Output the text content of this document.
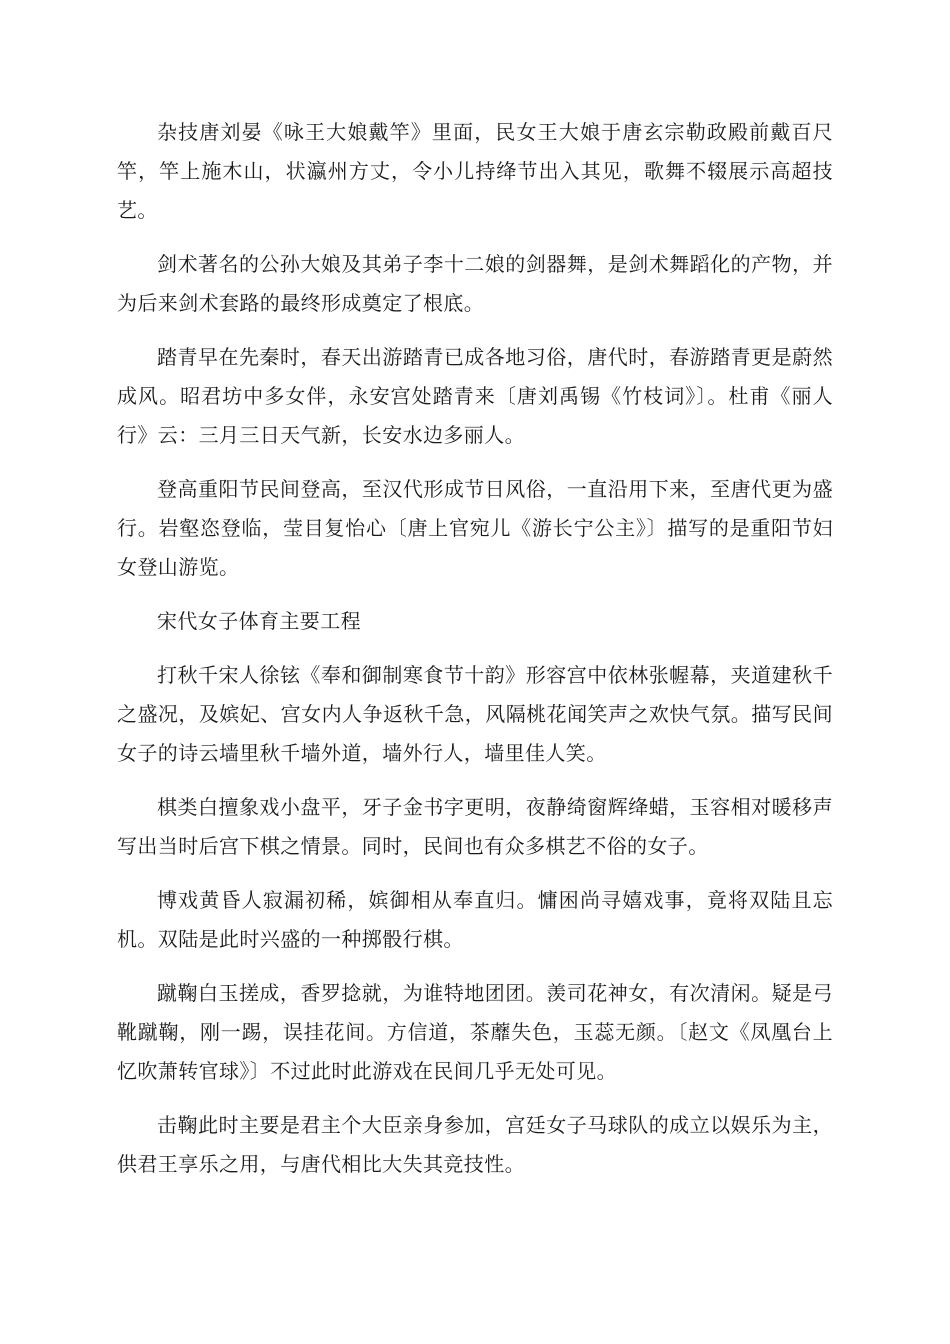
杂技唐刘晏《咏王大娘戴竿》里面，民女王大娘于唐玄宗勒政殿前戴百尺竿，竿上施木山，状瀛州方丈，令小儿持绛节出入其见，歌舞不辍展示高超技艺。

剑术著名的公孙大娘及其弟子李十二娘的剑器舞，是剑术舞蹈化的产物，并为后来剑术套路的最终形成奠定了根底。

踏青早在先秦时，春天出游踏青已成各地习俗，唐代时，春游踏青更是蔚然成风。昭君坊中多女伴，永安宫处踏青来〔唐刘禹锡《竹枝词》〕。杜甫《丽人行》云：三月三日天气新，长安水边多丽人。

登高重阳节民间登高，至汉代形成节日风俗，一直沿用下来，至唐代更为盛行。岩壑恣登临，莹目复怡心〔唐上官宛儿《游长宁公主》〕描写的是重阳节妇女登山游览。

宋代女子体育主要工程

打秋千宋人徐铉《奉和御制寒食节十韵》形容宫中依林张幄幕，夹道建秋千之盛况，及嫔妃、宫女内人争返秋千急，风隔桃花闻笑声之欢快气氛。描写民间女子的诗云墙里秋千墙外道，墙外行人，墙里佳人笑。

棋类白擅象戏小盘平，牙子金书字更明，夜静绮窗辉绛蜡，玉容相对暖移声写出当时后宫下棋之情景。同时，民间也有众多棋艺不俗的女子。

博戏黄昏人寂漏初稀，嫔御相从奉直归。慵困尚寻嬉戏事，竟将双陆且忘机。双陆是此时兴盛的一种掷骰行棋。

蹴鞠白玉搓成，香罗捻就，为谁特地团团。羡司花神女，有次清闲。疑是弓靴蹴鞠，刚一踢，误挂花间。方信道，茶蘼失色，玉蕊无颜。〔赵文《凤凰台上忆吹萧转官球》〕不过此时此游戏在民间几乎无处可见。

击鞠此时主要是君主个大臣亲身参加，宫廷女子马球队的成立以娱乐为主，供君王享乐之用，与唐代相比大失其竞技性。
